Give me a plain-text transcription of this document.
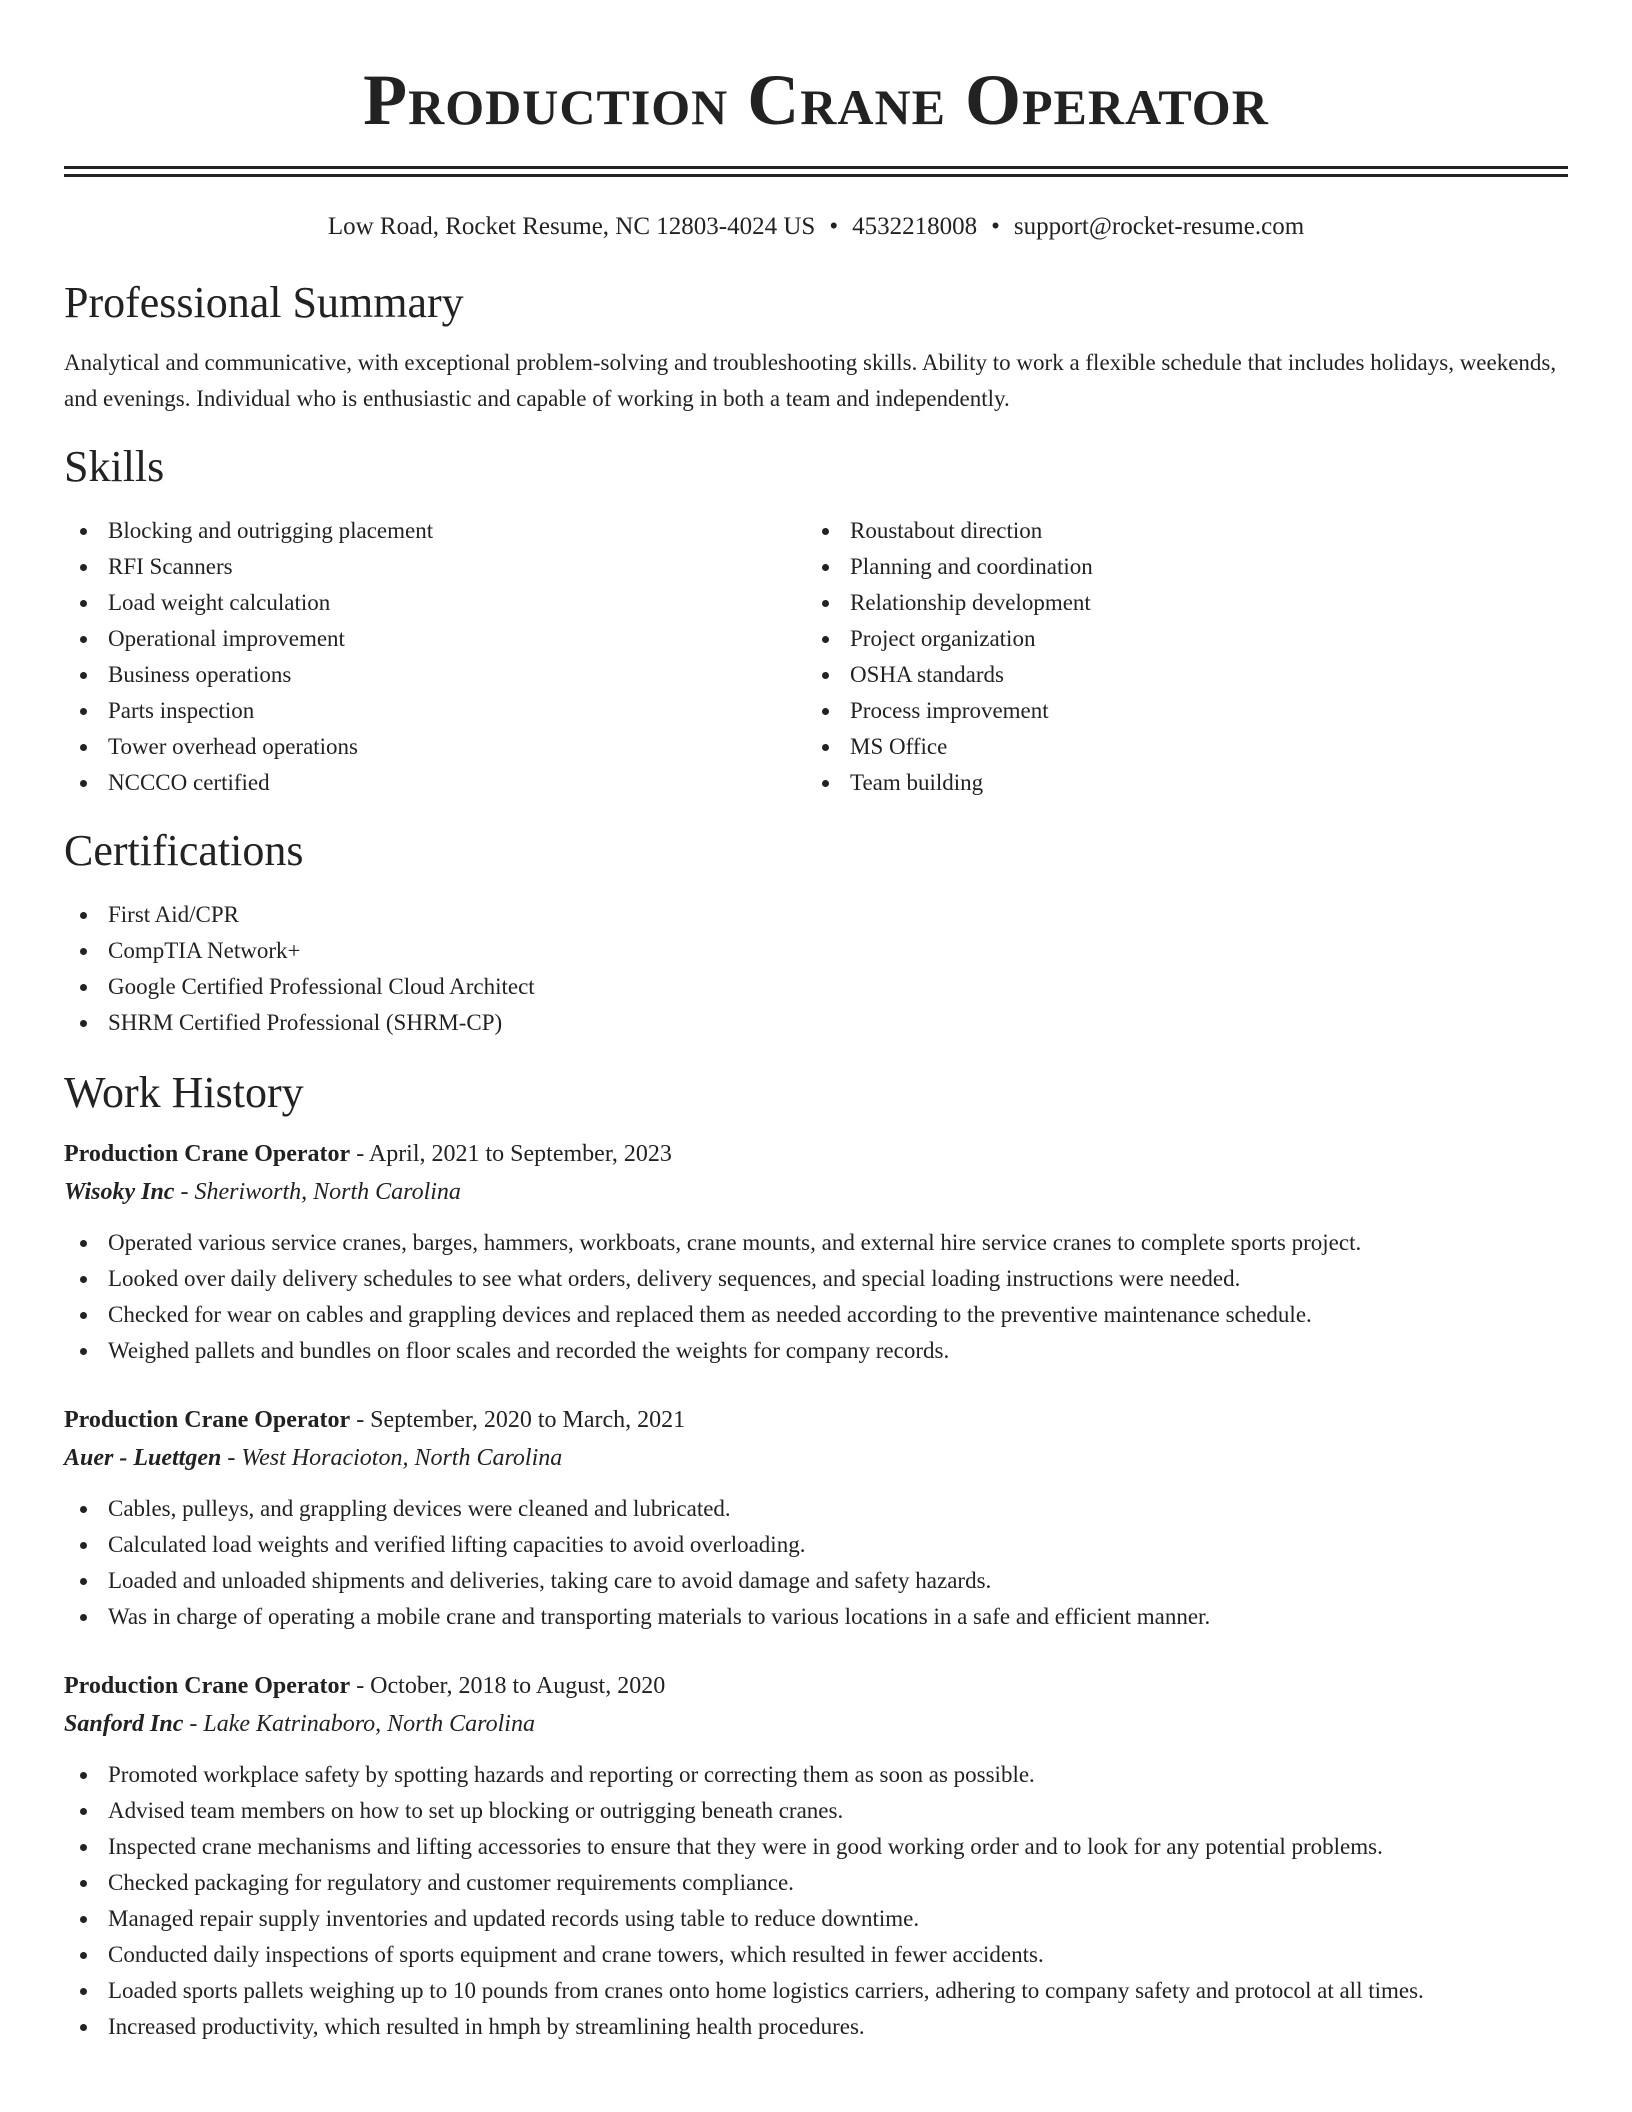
Production Crane Operator
Low Road, Rocket Resume, NC 12803-4024 US • 4532218008 • support@rocket-resume.com
Professional Summary

Analytical and communicative, with exceptional problem-solving and troubleshooting skills. Ability to work a flexible schedule that includes holidays, weekends, and evenings. Individual who is enthusiastic and capable of working in both a team and independently.

Skills
Blocking and outrigging placement
RFI Scanners
Load weight calculation
Operational improvement
Business operations
Parts inspection
Tower overhead operations
NCCCO certified
Roustabout direction
Planning and coordination
Relationship development
Project organization
OSHA standards
Process improvement
MS Office
Team building
Certifications
First Aid/CPR
CompTIA Network+
Google Certified Professional Cloud Architect
SHRM Certified Professional (SHRM-CP)
Work History
Production Crane Operator - April, 2021 to September, 2023
Wisoky Inc - Sheriworth, North Carolina
Operated various service cranes, barges, hammers, workboats, crane mounts, and external hire service cranes to complete sports project.
Looked over daily delivery schedules to see what orders, delivery sequences, and special loading instructions were needed.
Checked for wear on cables and grappling devices and replaced them as needed according to the preventive maintenance schedule.
Weighed pallets and bundles on floor scales and recorded the weights for company records.
Production Crane Operator - September, 2020 to March, 2021
Auer - Luettgen - West Horacioton, North Carolina
Cables, pulleys, and grappling devices were cleaned and lubricated.
Calculated load weights and verified lifting capacities to avoid overloading.
Loaded and unloaded shipments and deliveries, taking care to avoid damage and safety hazards.
Was in charge of operating a mobile crane and transporting materials to various locations in a safe and efficient manner.
Production Crane Operator - October, 2018 to August, 2020
Sanford Inc - Lake Katrinaboro, North Carolina
Promoted workplace safety by spotting hazards and reporting or correcting them as soon as possible.
Advised team members on how to set up blocking or outrigging beneath cranes.
Inspected crane mechanisms and lifting accessories to ensure that they were in good working order and to look for any potential problems.
Checked packaging for regulatory and customer requirements compliance.
Managed repair supply inventories and updated records using table to reduce downtime.
Conducted daily inspections of sports equipment and crane towers, which resulted in fewer accidents.
Loaded sports pallets weighing up to 10 pounds from cranes onto home logistics carriers, adhering to company safety and protocol at all times.
Increased productivity, which resulted in hmph by streamlining health procedures.
